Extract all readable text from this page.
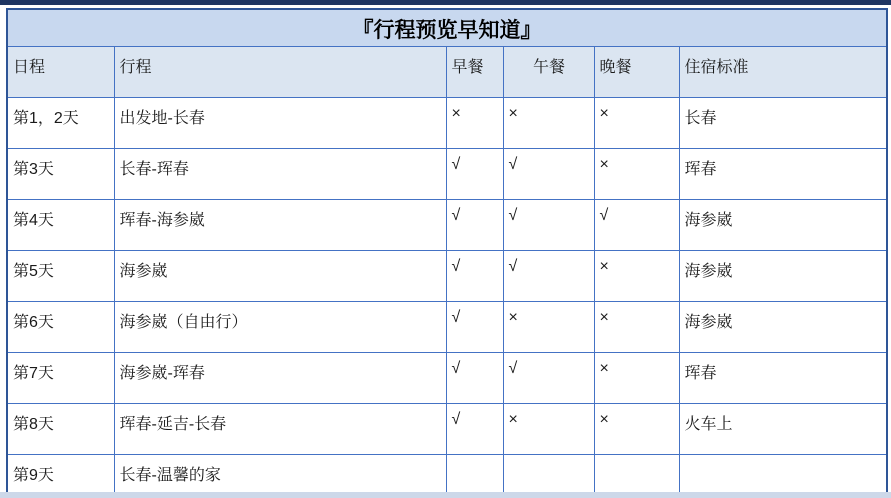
『行程预览早知道』					
日程	行程	早餐	午餐	晚餐	住宿标准
第1，2天	出发地-长春	×	×	×	长春
第3天	长春-珲春	√	√	×	珲春
第4天	珲春-海参崴	√	√	√	海参崴
第5天	海参崴	√	√	×	海参崴
第6天	海参崴（自由行）	√	×	×	海参崴
第7天	海参崴-珲春	√	√	×	珲春
第8天	珲春-延吉-长春	√	×	×	火车上
第9天	长春-温馨的家				
